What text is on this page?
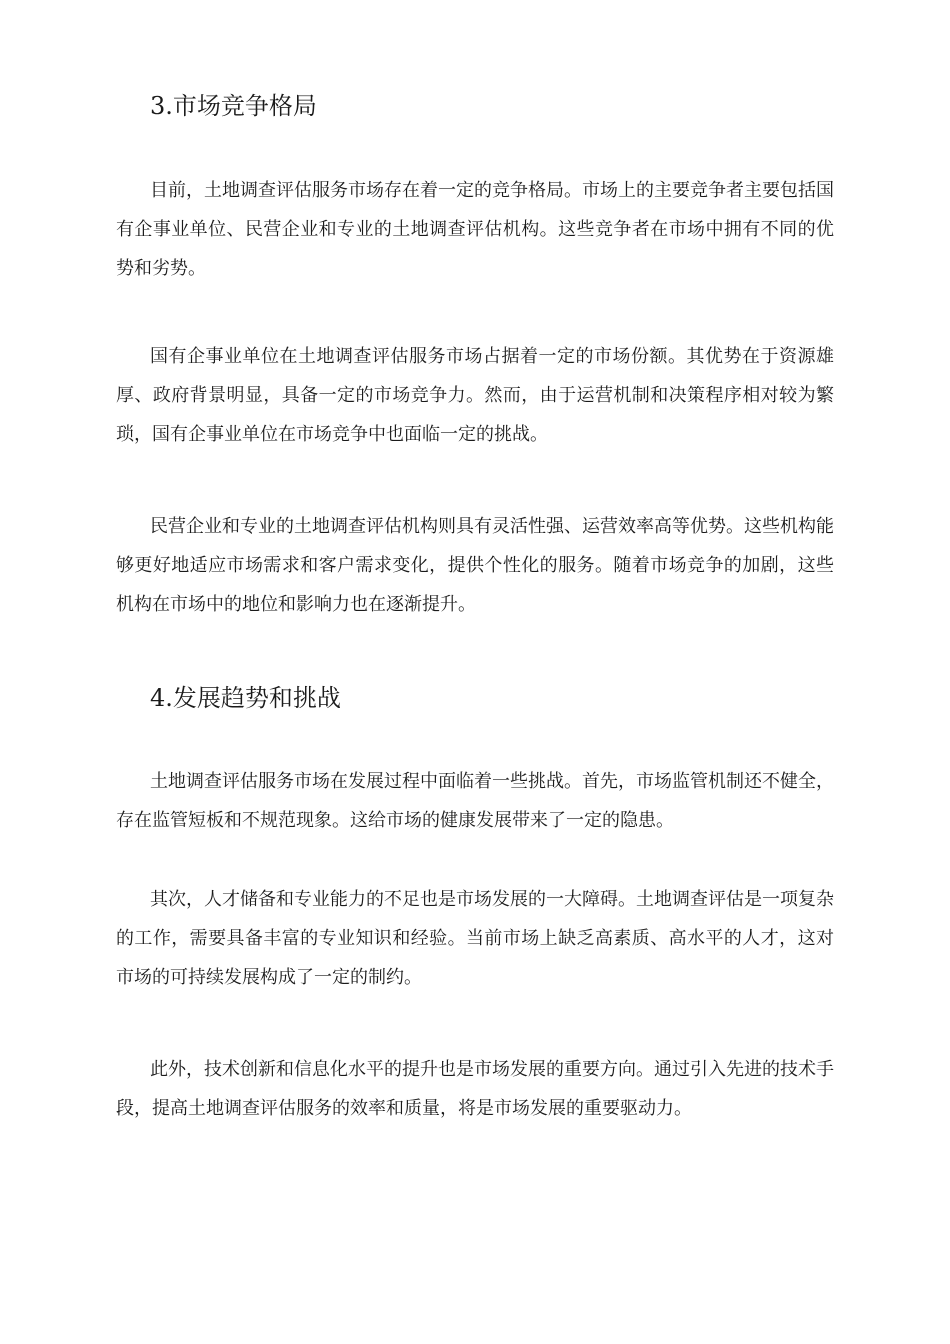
3.市场竞争格局

目前，土地调查评估服务市场存在着一定的竞争格局。市场上的主要竞争者主要包括国有企事业单位、民营企业和专业的土地调查评估机构。这些竞争者在市场中拥有不同的优势和劣势。

国有企事业单位在土地调查评估服务市场占据着一定的市场份额。其优势在于资源雄厚、政府背景明显，具备一定的市场竞争力。然而，由于运营机制和决策程序相对较为繁琐，国有企事业单位在市场竞争中也面临一定的挑战。

民营企业和专业的土地调查评估机构则具有灵活性强、运营效率高等优势。这些机构能够更好地适应市场需求和客户需求变化，提供个性化的服务。随着市场竞争的加剧，这些机构在市场中的地位和影响力也在逐渐提升。

4.发展趋势和挑战

土地调查评估服务市场在发展过程中面临着一些挑战。首先，市场监管机制还不健全，存在监管短板和不规范现象。这给市场的健康发展带来了一定的隐患。

其次，人才储备和专业能力的不足也是市场发展的一大障碍。土地调查评估是一项复杂的工作，需要具备丰富的专业知识和经验。当前市场上缺乏高素质、高水平的人才，这对市场的可持续发展构成了一定的制约。

此外，技术创新和信息化水平的提升也是市场发展的重要方向。通过引入先进的技术手段，提高土地调查评估服务的效率和质量，将是市场发展的重要驱动力。
